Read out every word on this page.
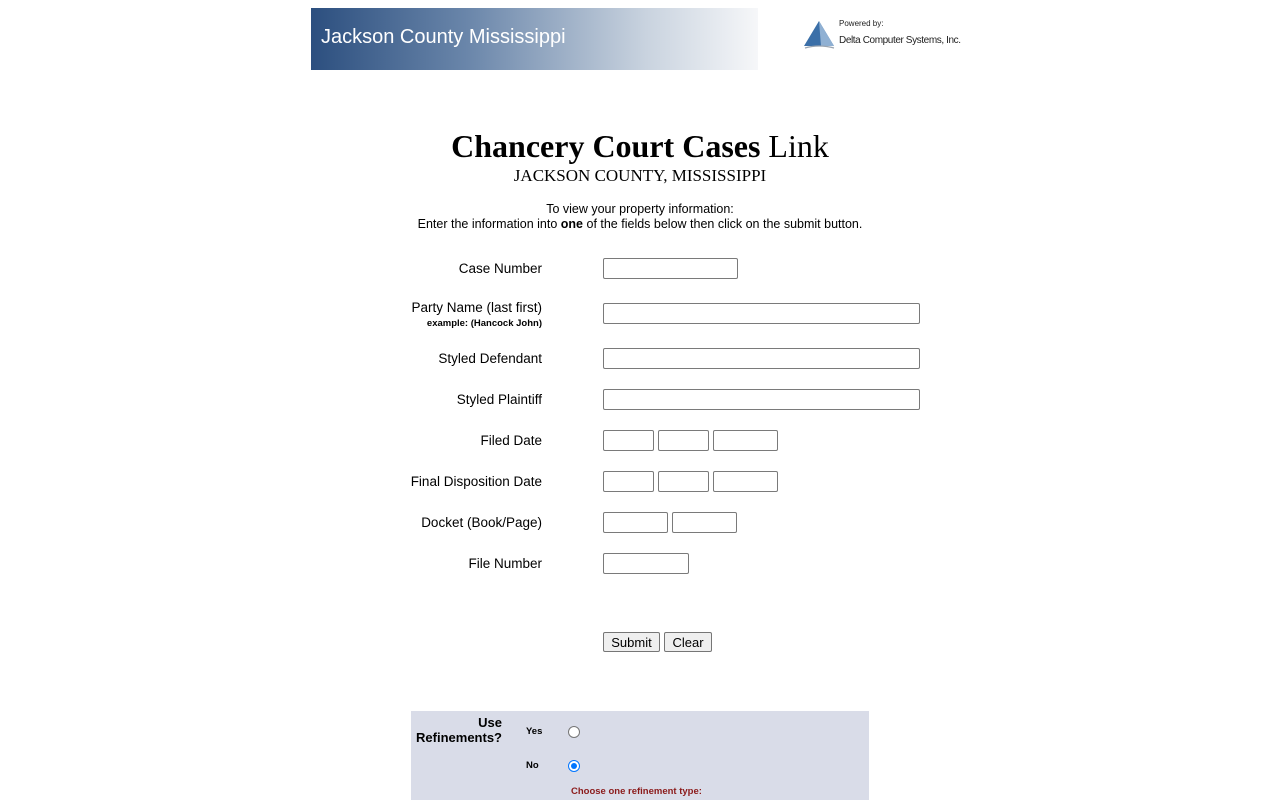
Jackson County Mississippi
Powered by:
Delta Computer Systems, Inc.
Chancery Court Cases Link
JACKSON COUNTY, MISSISSIPPI
To view your property information:
Enter the information into one of the fields below then click on the submit button.
Case Number
Party Name (last first)
example: (Hancock John)
Styled Defendant
Styled Plaintiff
Filed Date
Final Disposition Date
Docket (Book/Page)
File Number
Submit	Clear
Use
Refinements?	Yes
No
Choose one refinement type:
